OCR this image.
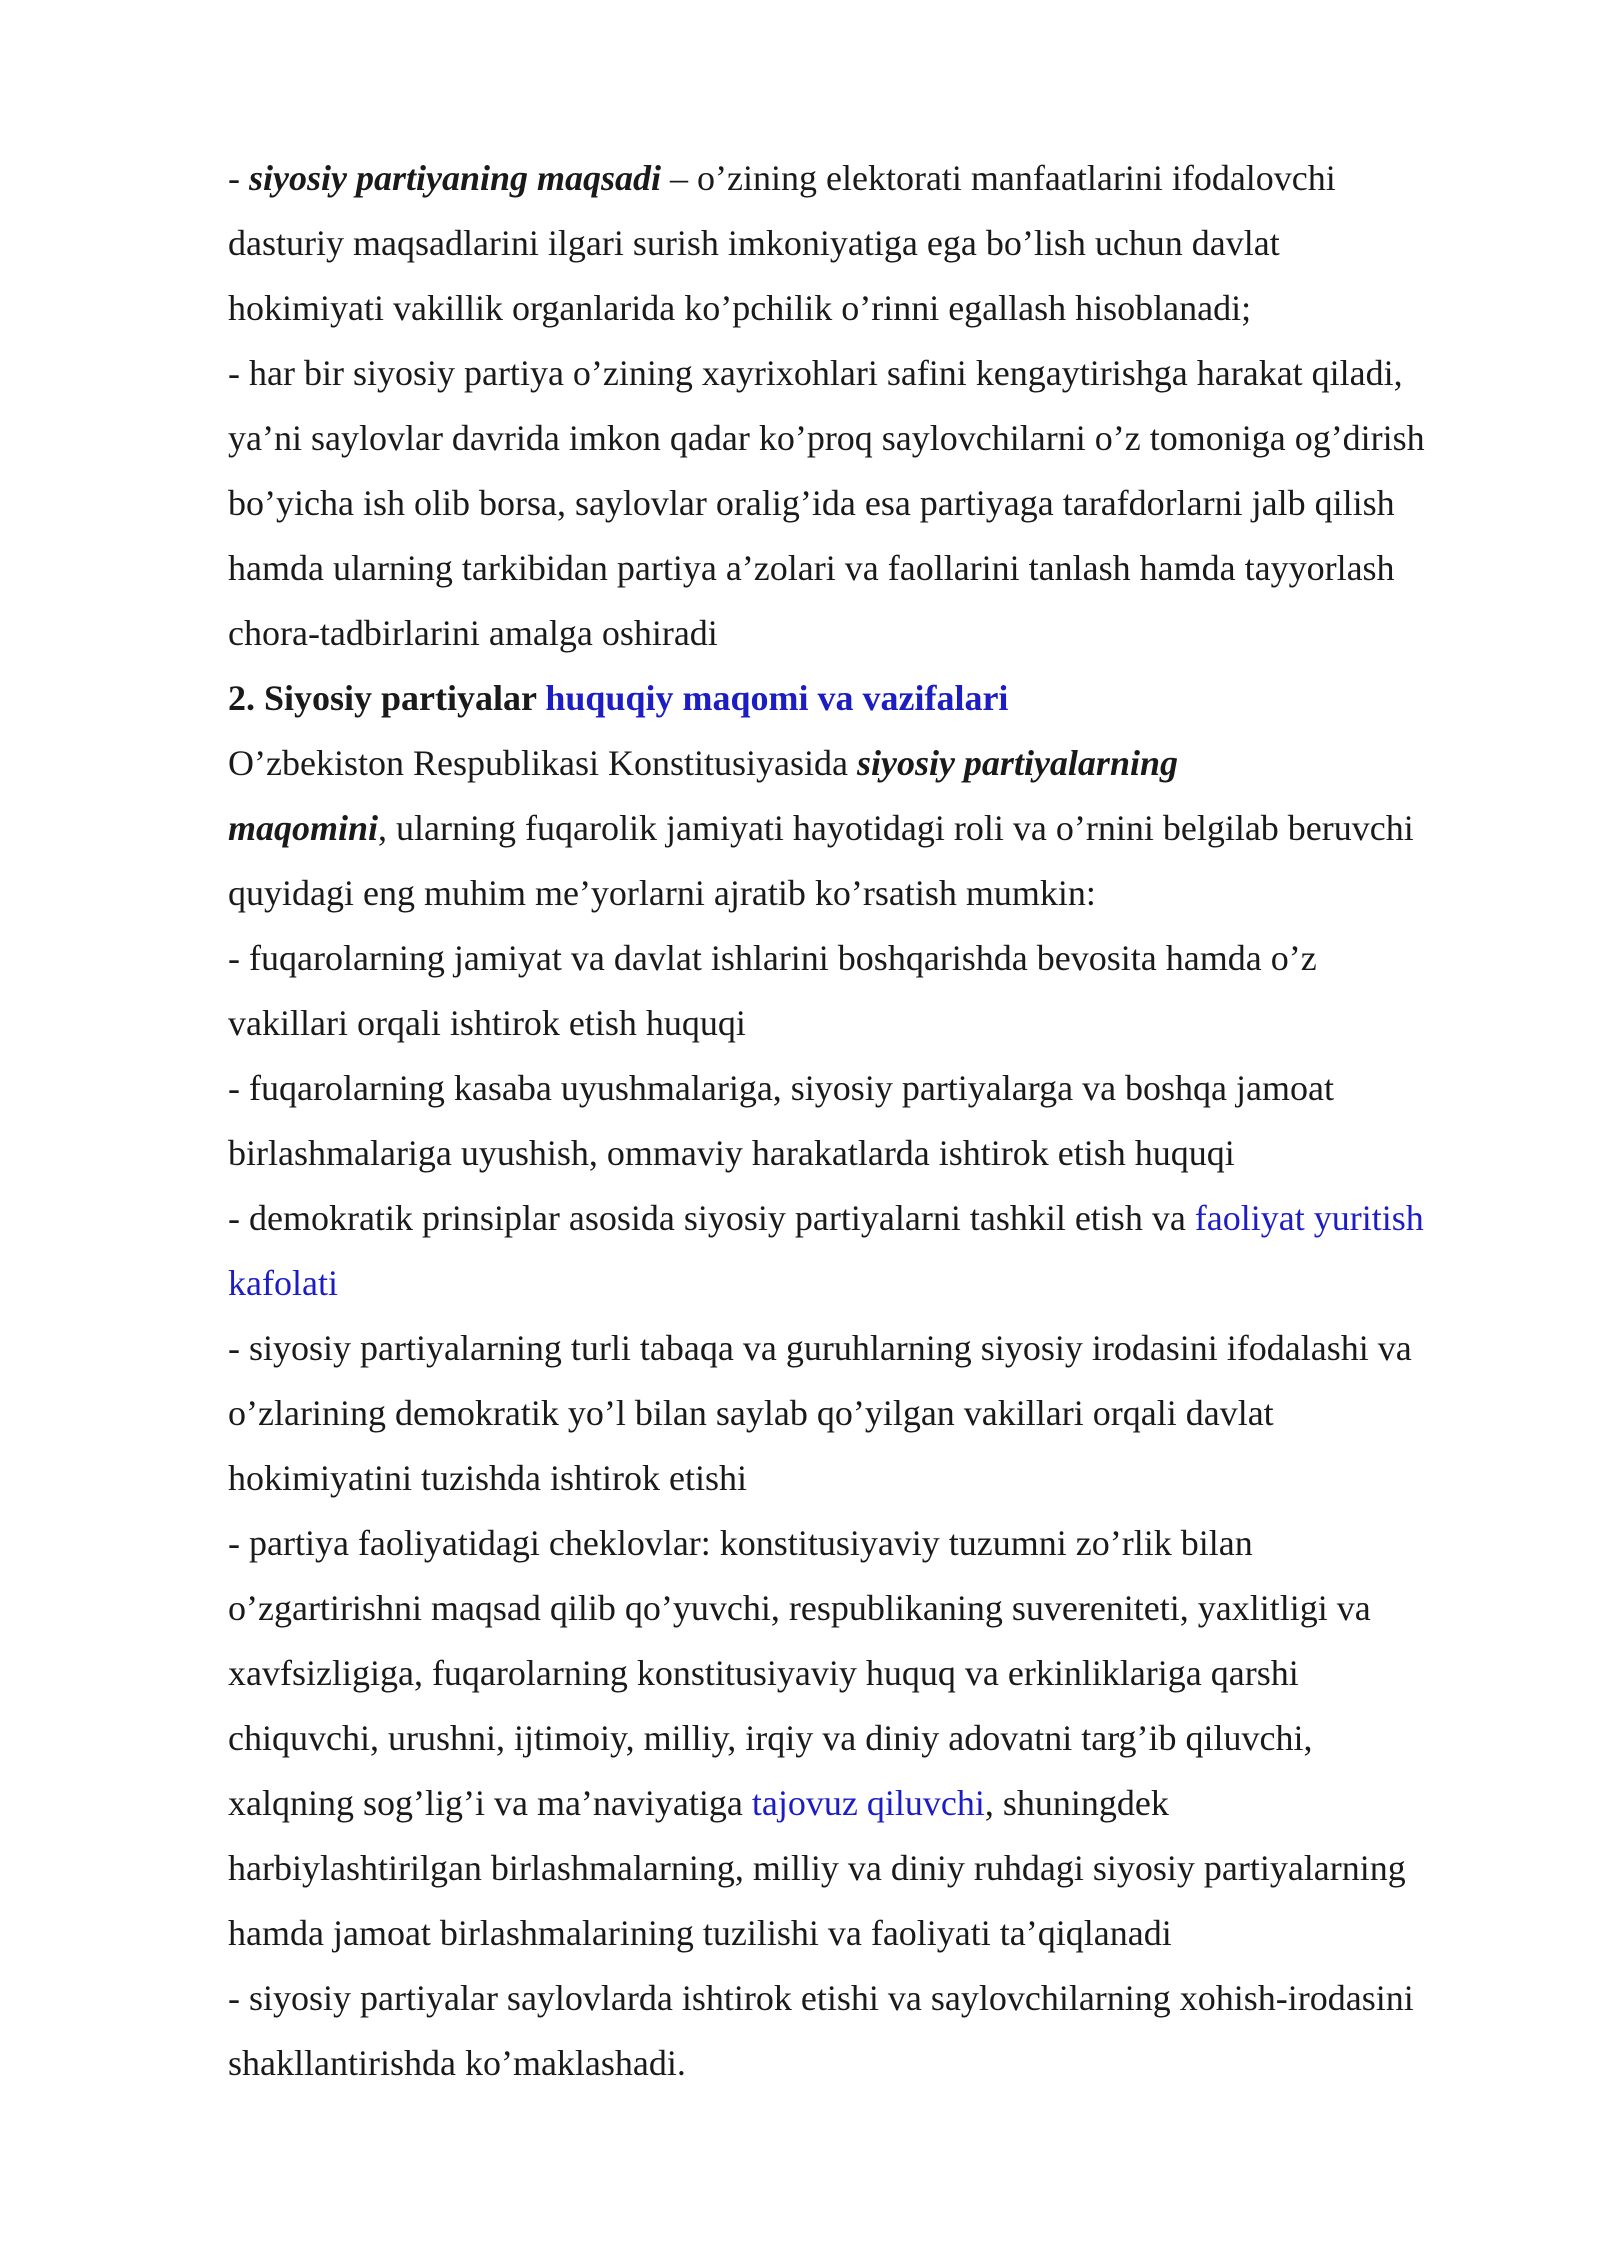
- siyosiy partiyaning maqsadi – o’zining elektorati manfaatlarini ifodalovchi
dasturiy maqsadlarini ilgari surish imkoniyatiga ega bo’lish uchun davlat
hokimiyati vakillik organlarida ko’pchilik o’rinni egallash hisoblanadi;
- har bir siyosiy partiya o’zining xayrixohlari safini kengaytirishga harakat qiladi,
ya’ni saylovlar davrida imkon qadar ko’proq saylovchilarni o’z tomoniga og’dirish
bo’yicha ish olib borsa, saylovlar oralig’ida esa partiyaga tarafdorlarni jalb qilish
hamda ularning tarkibidan partiya a’zolari va faollarini tanlash hamda tayyorlash
chora-tadbirlarini amalga oshiradi
2. Siyosiy partiyalar huquqiy maqomi va vazifalari
O’zbekiston Respublikasi Konstitusiyasida siyosiy partiyalarning
maqomini, ularning fuqarolik jamiyati hayotidagi roli va o’rnini belgilab beruvchi
quyidagi eng muhim me’yorlarni ajratib ko’rsatish mumkin:
- fuqarolarning jamiyat va davlat ishlarini boshqarishda bevosita hamda o’z
vakillari orqali ishtirok etish huquqi
- fuqarolarning kasaba uyushmalariga, siyosiy partiyalarga va boshqa jamoat
birlashmalariga uyushish, ommaviy harakatlarda ishtirok etish huquqi
- demokratik prinsiplar asosida siyosiy partiyalarni tashkil etish va faoliyat yuritish
kafolati
- siyosiy partiyalarning turli tabaqa va guruhlarning siyosiy irodasini ifodalashi va
o’zlarining demokratik yo’l bilan saylab qo’yilgan vakillari orqali davlat
hokimiyatini tuzishda ishtirok etishi
- partiya faoliyatidagi cheklovlar: konstitusiyaviy tuzumni zo’rlik bilan
o’zgartirishni maqsad qilib qo’yuvchi, respublikaning suvereniteti, yaxlitligi va
xavfsizligiga, fuqarolarning konstitusiyaviy huquq va erkinliklariga qarshi
chiquvchi, urushni, ijtimoiy, milliy, irqiy va diniy adovatni targ’ib qiluvchi,
xalqning sog’lig’i va ma’naviyatiga tajovuz qiluvchi, shuningdek
harbiylashtirilgan birlashmalarning, milliy va diniy ruhdagi siyosiy partiyalarning
hamda jamoat birlashmalarining tuzilishi va faoliyati ta’qiqlanadi
- siyosiy partiyalar saylovlarda ishtirok etishi va saylovchilarning xohish-irodasini
shakllantirishda ko’maklashadi.
